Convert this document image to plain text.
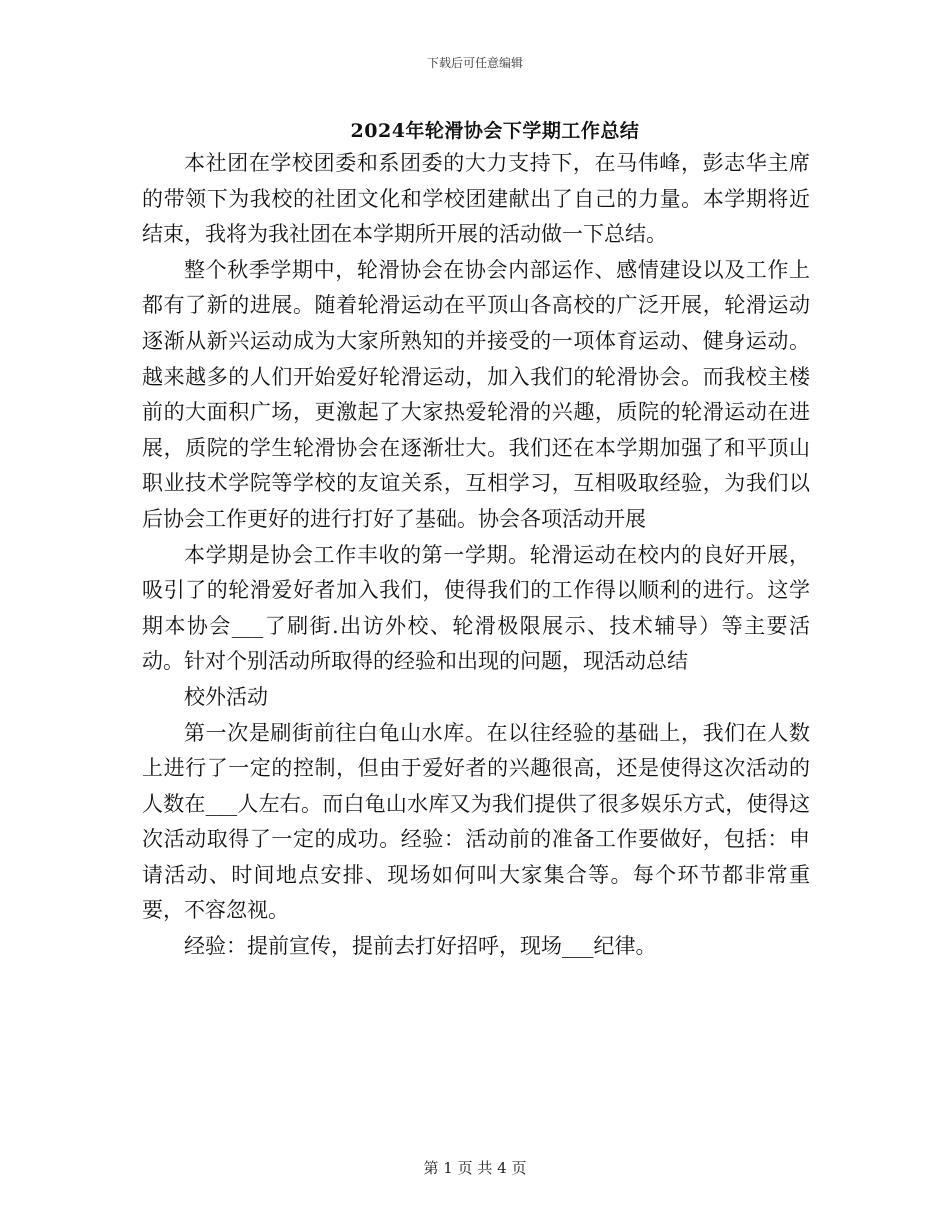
下载后可任意编辑
2024年轮滑协会下学期工作总结

本社团在学校团委和系团委的大力支持下，在马伟峰，彭志华主席的带领下为我校的社团文化和学校团建献出了自己的力量。本学期将近结束，我将为我社团在本学期所开展的活动做一下总结。

整个秋季学期中，轮滑协会在协会内部运作、感情建设以及工作上都有了新的进展。随着轮滑运动在平顶山各高校的广泛开展，轮滑运动逐渐从新兴运动成为大家所熟知的并接受的一项体育运动、健身运动。越来越多的人们开始爱好轮滑运动，加入我们的轮滑协会。而我校主楼前的大面积广场，更激起了大家热爱轮滑的兴趣，质院的轮滑运动在进展，质院的学生轮滑协会在逐渐壮大。我们还在本学期加强了和平顶山职业技术学院等学校的友谊关系，互相学习，互相吸取经验，为我们以后协会工作更好的进行打好了基础。协会各项活动开展

本学期是协会工作丰收的第一学期。轮滑运动在校内的良好开展，吸引了的轮滑爱好者加入我们，使得我们的工作得以顺利的进行。这学期本协会___了刷街.出访外校、轮滑极限展示、技术辅导）等主要活动。针对个别活动所取得的经验和出现的问题，现活动总结

校外活动

第一次是刷街前往白龟山水库。在以往经验的基础上，我们在人数上进行了一定的控制，但由于爱好者的兴趣很高，还是使得这次活动的人数在___人左右。而白龟山水库又为我们提供了很多娱乐方式，使得这次活动取得了一定的成功。经验：活动前的准备工作要做好，包括：申请活动、时间地点安排、现场如何叫大家集合等。每个环节都非常重要，不容忽视。

经验：提前宣传，提前去打好招呼，现场___纪律。

第 1 页 共 4 页
